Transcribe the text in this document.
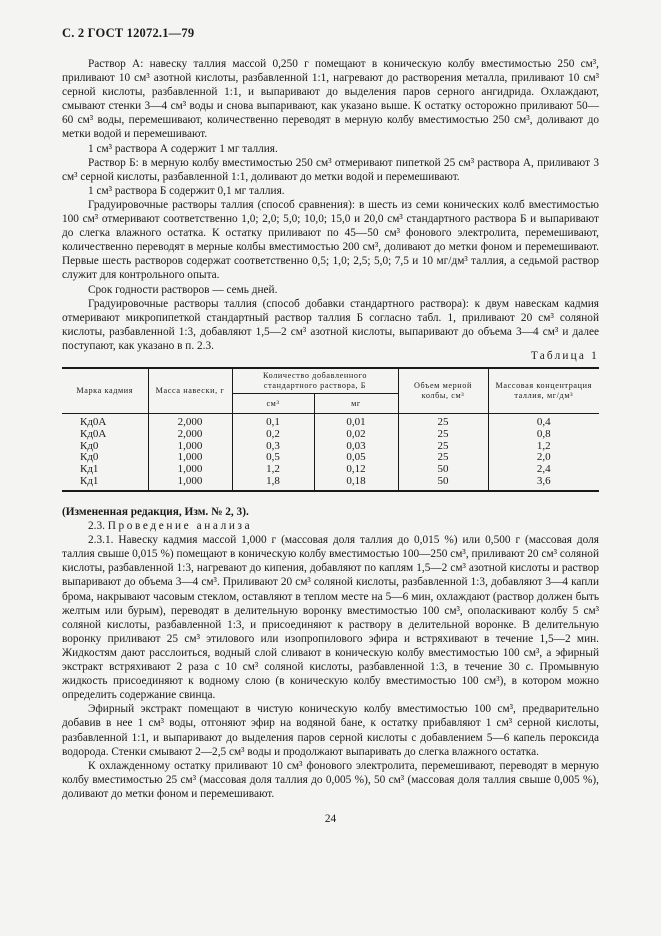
С. 2 ГОСТ 12072.1—79

Раствор А: навеску таллия массой 0,250 г помещают в коническую колбу вместимостью 250 см³, приливают 10 см³ азотной кислоты, разбавленной 1:1, нагревают до растворения металла, приливают 10 см³ серной кислоты, разбавленной 1:1, и выпаривают до выделения паров серного ангидрида. Охлаждают, смывают стенки 3—4 см³ воды и снова выпаривают, как указано выше. К остатку осторожно приливают 50—60 см³ воды, перемешивают, количественно переводят в мерную колбу вместимостью 250 см³, доливают до метки водой и перемешивают.

1 см³ раствора А содержит 1 мг таллия.

Раствор Б: в мерную колбу вместимостью 250 см³ отмеривают пипеткой 25 см³ раствора А, приливают 3 см³ серной кислоты, разбавленной 1:1, доливают до метки водой и перемешивают.

1 см³ раствора Б содержит 0,1 мг таллия.

Градуировочные растворы таллия (способ сравнения): в шесть из семи конических колб вместимостью 100 см³ отмеривают соответственно 1,0; 2,0; 5,0; 10,0; 15,0 и 20,0 см³ стандартного раствора Б и выпаривают до слегка влажного остатка. К остатку приливают по 45—50 см³ фонового электролита, перемешивают, количественно переводят в мерные колбы вместимостью 200 см³, доливают до метки фоном и перемешивают. Первые шесть растворов содержат соответственно 0,5; 1,0; 2,5; 5,0; 7,5 и 10 мг/дм³ таллия, а седьмой раствор служит для контрольного опыта.

Срок годности растворов — семь дней.

Градуировочные растворы таллия (способ добавки стандартного раствора): к двум навескам кадмия отмеривают микропипеткой стандартный раствор таллия Б согласно табл. 1, приливают 20 см³ соляной кислоты, разбавленной 1:3, добавляют 1,5—2 см³ азотной кислоты, выпаривают до объема 3—4 см³ и далее поступают, как указано в п. 2.3.

Таблица 1
Марка кадмия	Масса навески, г	Количество добавленного стандартного раствора, Б		Объем мерной колбы, см³	Массовая концентрация таллия, мг/дм³
		см³	мг		
Кд0А	2,000	0,1	0,01	25	0,4
Кд0А	2,000	0,2	0,02	25	0,8
Кд0	1,000	0,3	0,03	25	1,2
Кд0	1,000	0,5	0,05	25	2,0
Кд1	1,000	1,2	0,12	50	2,4
Кд1	1,000	1,8	0,18	50	3,6

(Измененная редакция, Изм. № 2, 3).

2.3. Проведение анализа

2.3.1. Навеску кадмия массой 1,000 г (массовая доля таллия до 0,015 %) или 0,500 г (массовая доля таллия свыше 0,015 %) помещают в коническую колбу вместимостью 100—250 см³, приливают 20 см³ соляной кислоты, разбавленной 1:3, нагревают до кипения, добавляют по каплям 1,5—2 см³ азотной кислоты и раствор выпаривают до объема 3—4 см³. Приливают 20 см³ соляной кислоты, разбавленной 1:3, добавляют 3—4 капли брома, накрывают часовым стеклом, оставляют в теплом месте на 5—6 мин, охлаждают (раствор должен быть желтым или бурым), переводят в делительную воронку вместимостью 100 см³, ополаскивают колбу 5 см³ соляной кислоты, разбавленной 1:3, и присоединяют к раствору в делительной воронке. В делительную воронку приливают 25 см³ этилового или изопропилового эфира и встряхивают в течение 1,5—2 мин. Жидкостям дают расслоиться, водный слой сливают в коническую колбу вместимостью 100 см³, а эфирный экстракт встряхивают 2 раза с 10 см³ соляной кислоты, разбавленной 1:3, в течение 30 с. Промывную жидкость присоединяют к водному слою (в коническую колбу вместимостью 100 см³), в котором можно определить содержание свинца.

Эфирный экстракт помещают в чистую коническую колбу вместимостью 100 см³, предварительно добавив в нее 1 см³ воды, отгоняют эфир на водяной бане, к остатку прибавляют 1 см³ серной кислоты, разбавленной 1:1, и выпаривают до выделения паров серной кислоты с добавлением 5—6 капель пероксида водорода. Стенки смывают 2—2,5 см³ воды и продолжают выпаривать до слегка влажного остатка.

К охлажденному остатку приливают 10 см³ фонового электролита, перемешивают, переводят в мерную колбу вместимостью 25 см³ (массовая доля таллия до 0,005 %), 50 см³ (массовая доля таллия свыше 0,005 %), доливают до метки фоном и перемешивают.

24
